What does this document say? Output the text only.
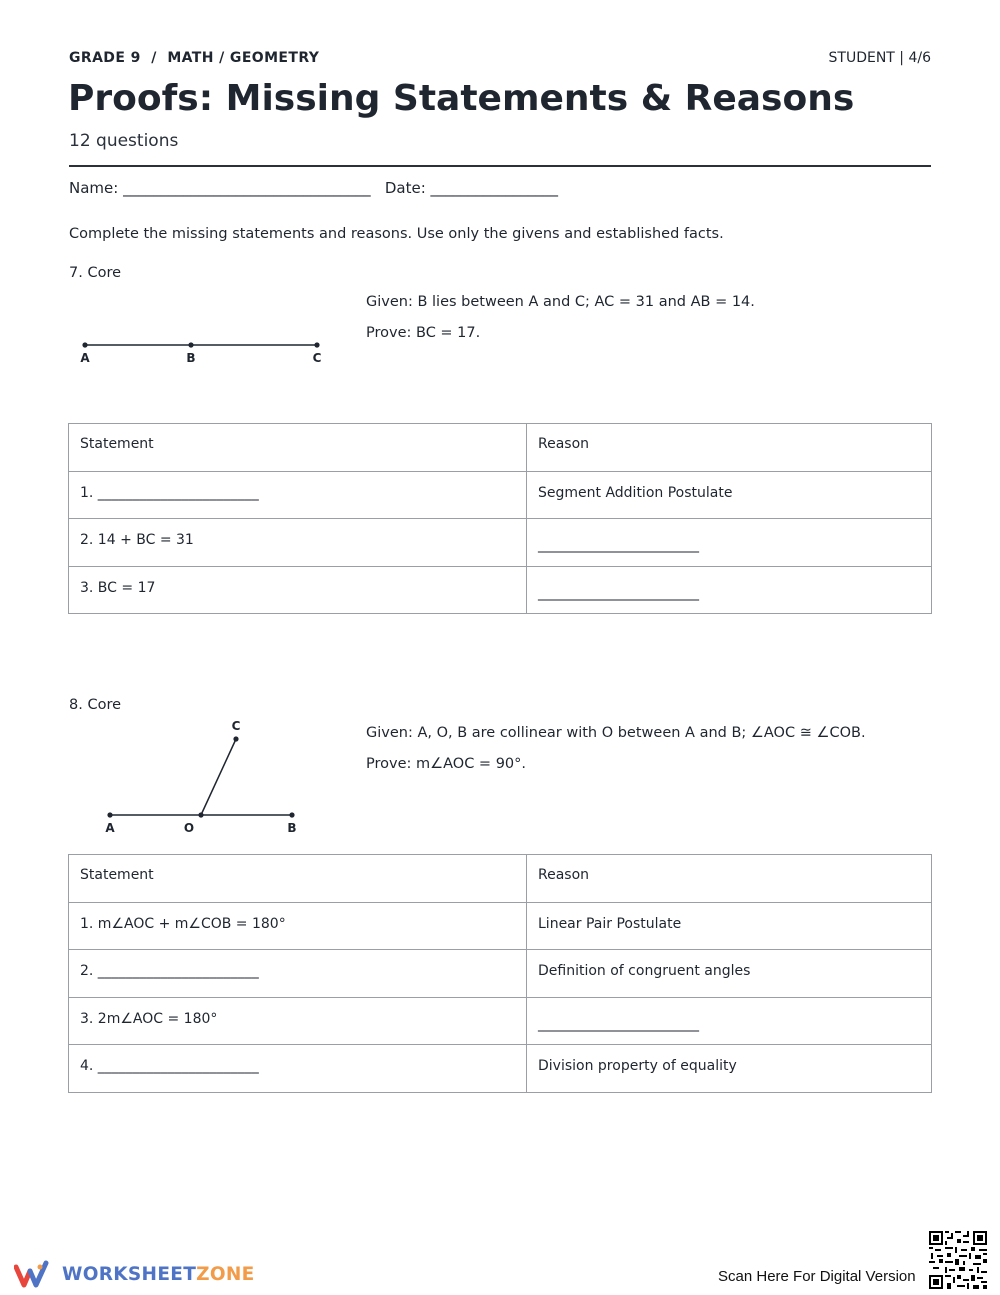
GRADE 9  /  MATH / GEOMETRY	STUDENT | 4/6
Proofs: Missing Statements & Reasons
12 questions
Name: _________________________________   Date: _________________
Complete the missing statements and reasons. Use only the givens and established facts.
7. Core
Given: B lies between A and C; AC = 31 and AB = 14.
Prove: BC = 17.
A	B	C
Statement	Reason
1. _______________________	Segment Addition Postulate
2. 14 + BC = 31	_______________________
3. BC = 17	_______________________
8. Core
Given: A, O, B are collinear with O between A and B; ∠AOC ≅ ∠COB.
Prove: m∠AOC = 90°.
C
A	O	B
Statement	Reason
1. m∠AOC + m∠COB = 180°	Linear Pair Postulate
2. _______________________	Definition of congruent angles
3. 2m∠AOC = 180°	_______________________
4. _______________________	Division property of equality
WORKSHEETZONE	Scan Here For Digital Version
